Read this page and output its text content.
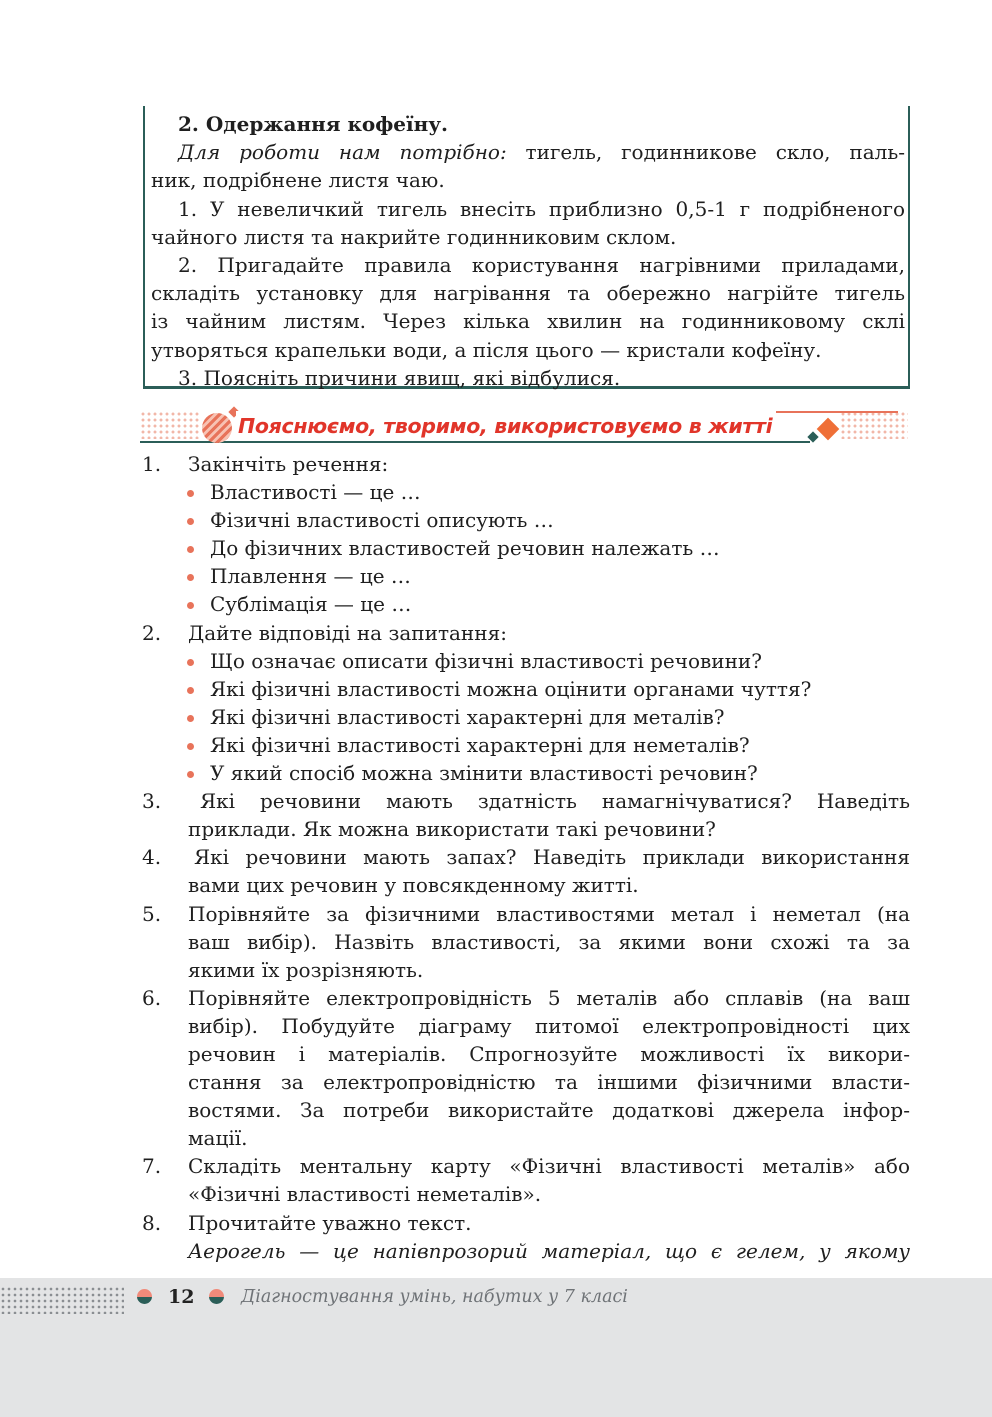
2. Одержання кофеїну.
Для роботи нам потрібно: тигель, годинникове скло, паль-
ник, подрібнене листя чаю.
1. У невеличкий тигель внесіть приблизно 0,5-1 г подрібненого
чайного листя та накрийте годинниковим склом.
2. Пригадайте правила користування нагрівними приладами,
складіть установку для нагрівання та обережно нагрійте тигель
із чайним листям. Через кілька хвилин на годинниковому склі
утворяться крапельки води, а після цього — кристали кофеїну.
3. Поясніть причини явищ, які відбулися.
Пояснюємо, творимо, використовуємо в житті
1. Закінчіть речення:
Властивості — це …
Фізичні властивості описують …
До фізичних властивостей речовин належать …
Плавлення — це …
Сублімація — це …
2. Дайте відповіді на запитання:
Що означає описати фізичні властивості речовини?
Які фізичні властивості можна оцінити органами чуття?
Які фізичні властивості характерні для металів?
Які фізичні властивості характерні для неметалів?
У який спосіб можна змінити властивості речовин?
3. Які речовини мають здатність намагнічуватися? Наведіть
приклади. Як можна використати такі речовини?
4. Які речовини мають запах? Наведіть приклади використання
вами цих речовин у повсякденному житті.
5. Порівняйте за фізичними властивостями метал і неметал (на
ваш вибір). Назвіть властивості, за якими вони схожі та за
якими їх розрізняють.
6. Порівняйте електропровідність 5 металів або сплавів (на ваш
вибір). Побудуйте діаграму питомої електропровідності цих
речовин і матеріалів. Спрогнозуйте можливості їх викори-
стання за електропровідністю та іншими фізичними власти-
востями. За потреби використайте додаткові джерела інфор-
мації.
7. Складіть ментальну карту «Фізичні властивості металів» або
«Фізичні властивості неметалів».
8. Прочитайте уважно текст.
Аерогель — це напівпрозорий матеріал, що є гелем, у якому
12	Діагностування умінь, набутих у 7 класі
